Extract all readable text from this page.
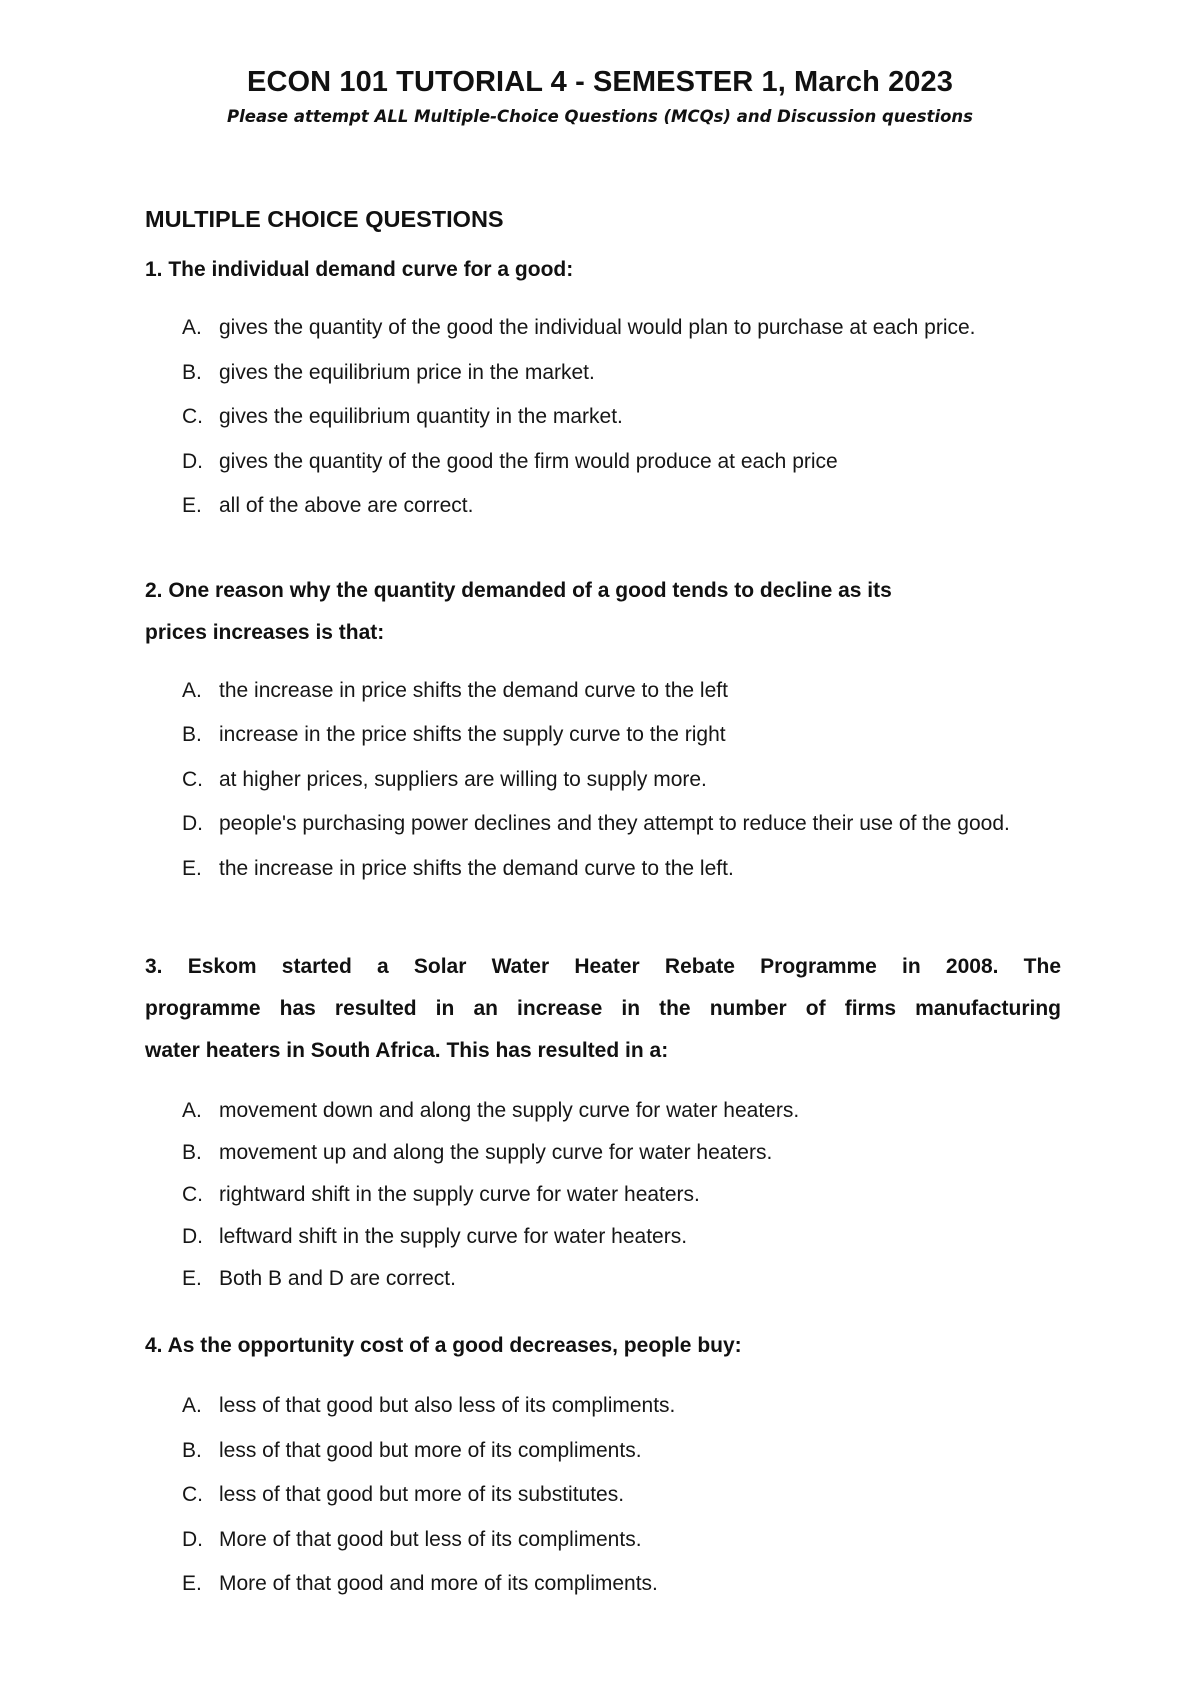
ECON 101 TUTORIAL 4 - SEMESTER 1, March 2023
Please attempt ALL Multiple-Choice Questions (MCQs) and Discussion questions
MULTIPLE CHOICE QUESTIONS
1. The individual demand curve for a good:
A. gives the quantity of the good the individual would plan to purchase at each price.
B. gives the equilibrium price in the market.
C. gives the equilibrium quantity in the market.
D. gives the quantity of the good the firm would produce at each price
E. all of the above are correct.
2. One reason why the quantity demanded of a good tends to decline as its
prices increases is that:
A. the increase in price shifts the demand curve to the left
B. increase in the price shifts the supply curve to the right
C. at higher prices, suppliers are willing to supply more.
D. people's purchasing power declines and they attempt to reduce their use of the good.
E. the increase in price shifts the demand curve to the left.
3. Eskom started a Solar Water Heater Rebate Programme in 2008. The
programme has resulted in an increase in the number of firms manufacturing
water heaters in South Africa. This has resulted in a:
A. movement down and along the supply curve for water heaters.
B. movement up and along the supply curve for water heaters.
C. rightward shift in the supply curve for water heaters.
D. leftward shift in the supply curve for water heaters.
E. Both B and D are correct.
4. As the opportunity cost of a good decreases, people buy:
A. less of that good but also less of its compliments.
B. less of that good but more of its compliments.
C. less of that good but more of its substitutes.
D. More of that good but less of its compliments.
E. More of that good and more of its compliments.
